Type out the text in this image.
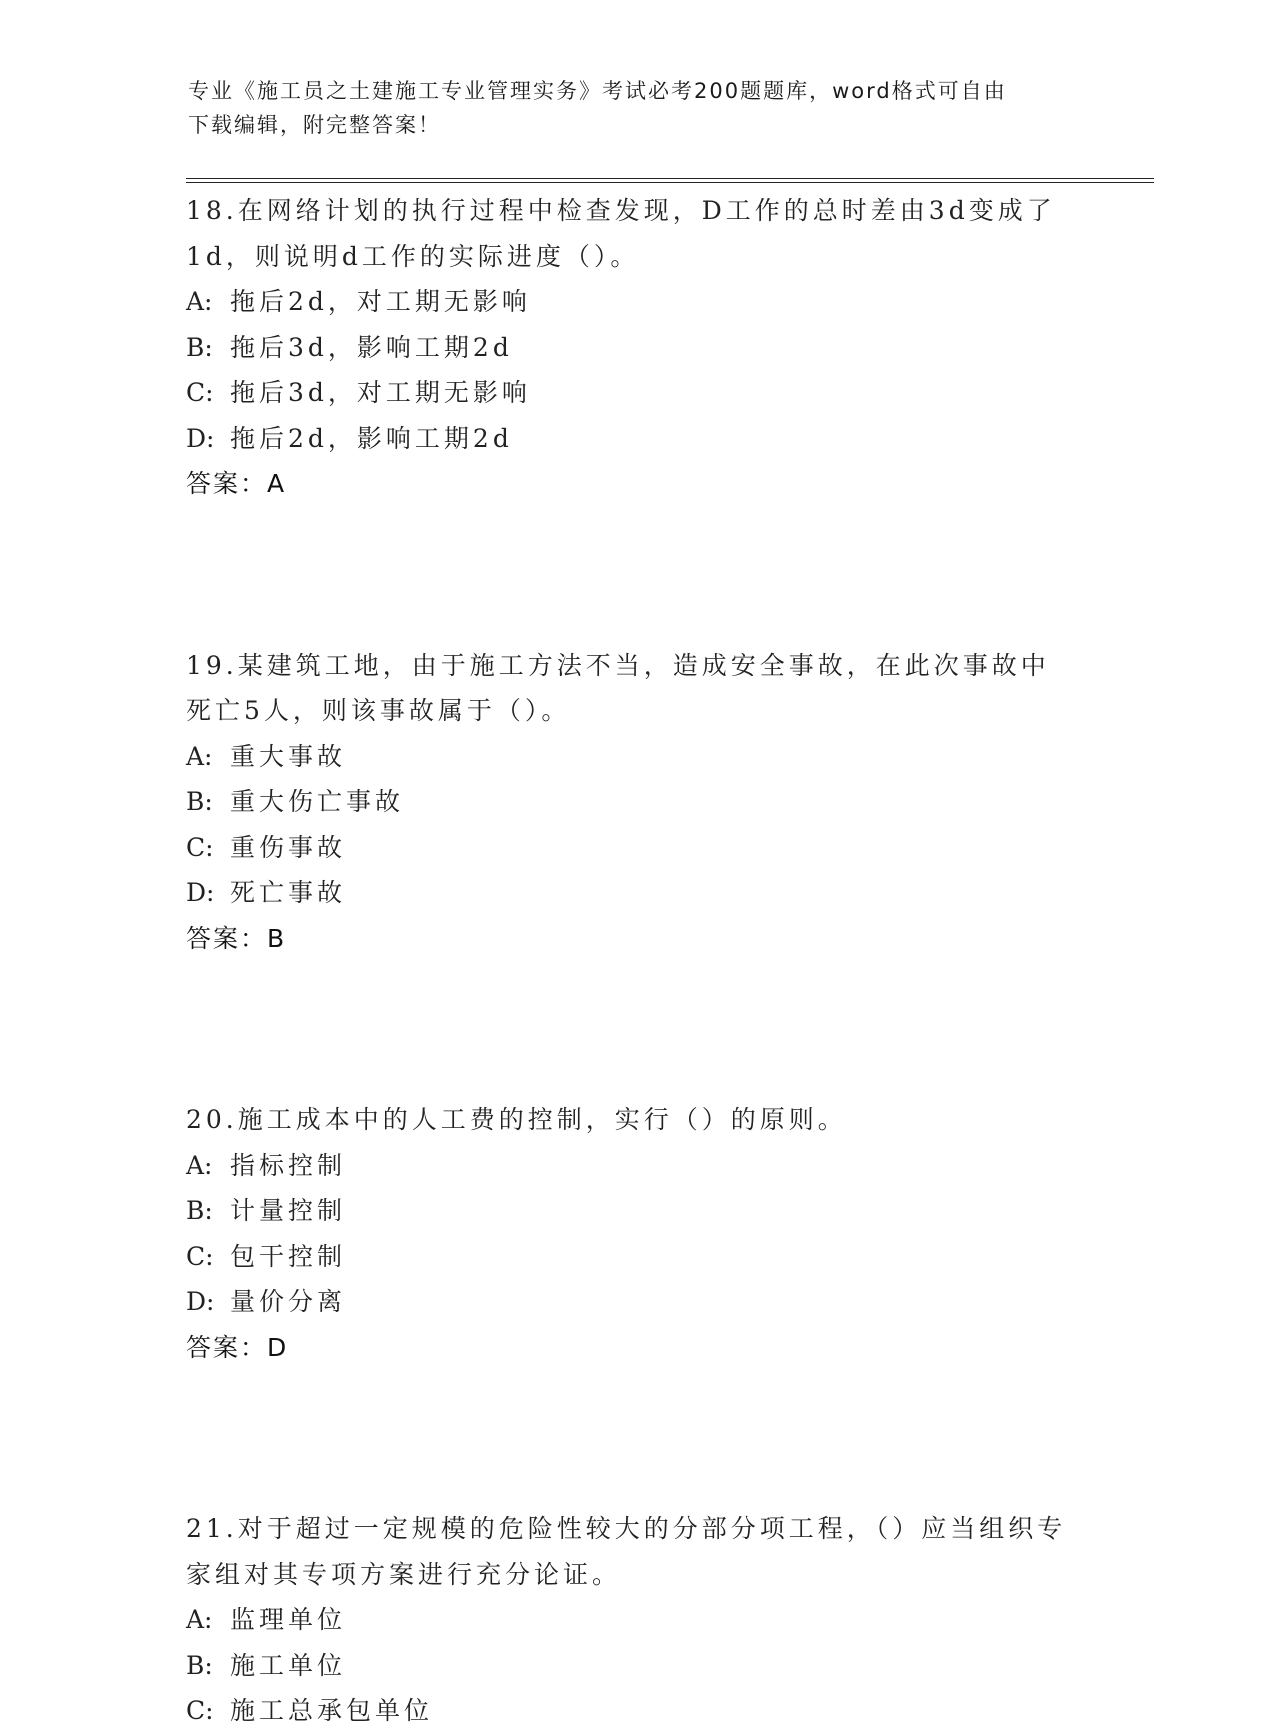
专业《施工员之土建施工专业管理实务》考试必考200题题库，word格式可自由
下载编辑，附完整答案！

18.在网络计划的执行过程中检查发现，D工作的总时差由3d变成了1d，则说明d工作的实际进度（）。

A: 拖后2d，对工期无影响

B: 拖后3d，影响工期2d

C: 拖后3d，对工期无影响

D: 拖后2d，影响工期2d

答案：A

19.某建筑工地，由于施工方法不当，造成安全事故，在此次事故中死亡5人，则该事故属于（）。

A: 重大事故

B: 重大伤亡事故

C: 重伤事故

D: 死亡事故

答案：B

20.施工成本中的人工费的控制，实行（）的原则。

A: 指标控制

B: 计量控制

C: 包干控制

D: 量价分离

答案：D

21.对于超过一定规模的危险性较大的分部分项工程，（）应当组织专家组对其专项方案进行充分论证。

A: 监理单位

B: 施工单位

C: 施工总承包单位
